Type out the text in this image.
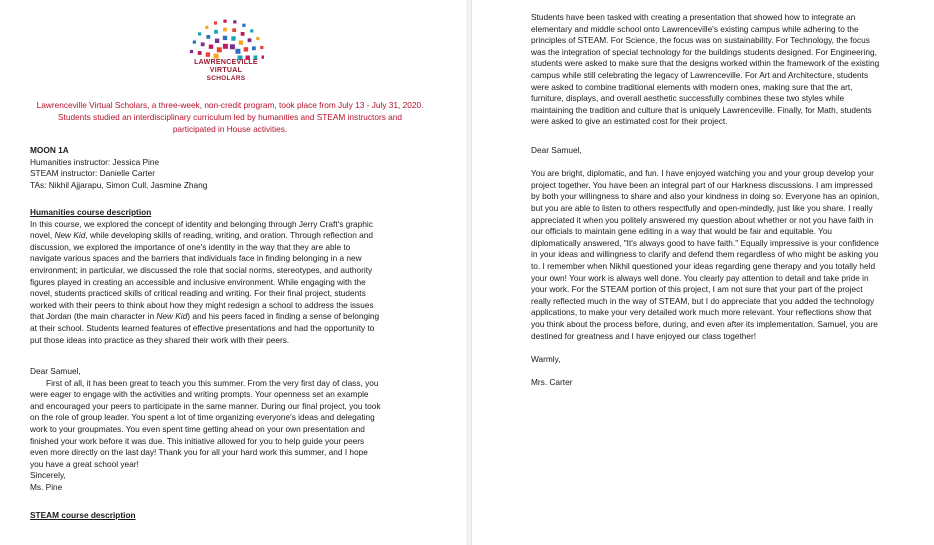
LAWRENCEVILLE
VIRTUAL
SCHOLARS
Lawrenceville Virtual Scholars, a three-week, non-credit program, took place from July 13 - July 31, 2020.
Students studied an interdisciplinary curriculum led by humanities and STEAM instructors and
participated in House activities.
MOON 1A
Humanities instructor: Jessica Pine
STEAM instructor: Danielle Carter
TAs: Nikhil Ajjarapu, Simon Cull, Jasmine Zhang
Humanities course description
In this course, we explored the concept of identity and belonging through Jerry Craft's graphic
novel, New Kid, while developing skills of reading, writing, and oration. Through reflection and
discussion, we explored the importance of one's identity in the way that they are able to
navigate various spaces and the barriers that individuals face in finding belonging in a new
environment; in particular, we discussed the role that social norms, stereotypes, and authority
figures played in creating an accessible and inclusive environment. While engaging with the
novel, students practiced skills of critical reading and writing. For their final project, students
worked with their peers to think about how they might redesign a school to address the issues
that Jordan (the main character in New Kid) and his peers faced in finding a sense of belonging
at their school. Students learned features of effective presentations and had the opportunity to
put those ideas into practice as they shared their work with their peers.
Dear Samuel,
First of all, it has been great to teach you this summer. From the very first day of class, you
were eager to engage with the activities and writing prompts. Your openness set an example
and encouraged your peers to participate in the same manner. During our final project, you took
on the role of group leader. You spent a lot of time organizing everyone's ideas and delegating
work to your groupmates. You even spent time getting ahead on your own presentation and
finished your work before it was due. This initiative allowed for you to help guide your peers
even more directly on the last day! Thank you for all your hard work this summer, and I hope
you have a great school year!
Sincerely,
Ms. Pine
STEAM course description
Students have been tasked with creating a presentation that showed how to integrate an
elementary and middle school onto Lawrenceville's existing campus while adhering to the
principles of STEAM. For Science, the focus was on sustainability. For Technology, the focus
was the integration of special technology for the buildings students designed. For Engineering,
students were asked to make sure that the designs worked within the framework of the existing
campus while still celebrating the legacy of Lawrenceville. For Art and Architecture, students
were asked to combine traditional elements with modern ones, making sure that the art,
furniture, displays, and overall aesthetic successfully combines these two styles while
maintaining the tradition and culture that is uniquely Lawrenceville. Finally, for Math, students
were asked to give an estimated cost for their project.
Dear Samuel,
You are bright, diplomatic, and fun. I have enjoyed watching you and your group develop your
project together. You have been an integral part of our Harkness discussions. I am impressed
by both your willingness to share and also your kindness in doing so. Everyone has an opinion,
but you are able to listen to others respectfully and open-mindedly, just like you share. I really
appreciated it when you politely answered my question about whether or not you have faith in
our officials to maintain gene editing in a way that would be fair and equitable. You
diplomatically answered, "It's always good to have faith." Equally impressive is your confidence
in your ideas and willingness to clarify and defend them regardless of who might be asking you
to. I remember when Nikhil questioned your ideas regarding gene therapy and you totally held
your own! Your work is always well done. You clearly pay attention to detail and take pride in
your work. For the STEAM portion of this project, I am not sure that your part of the project
really reflected much in the way of STEAM, but I do appreciate that you added the technology
applications, to make your very detailed work much more relevant. Your reflections show that
you think about the process before, during, and even after its implementation. Samuel, you are
destined for greatness and I have enjoyed our class together!
Warmly,
Mrs. Carter
